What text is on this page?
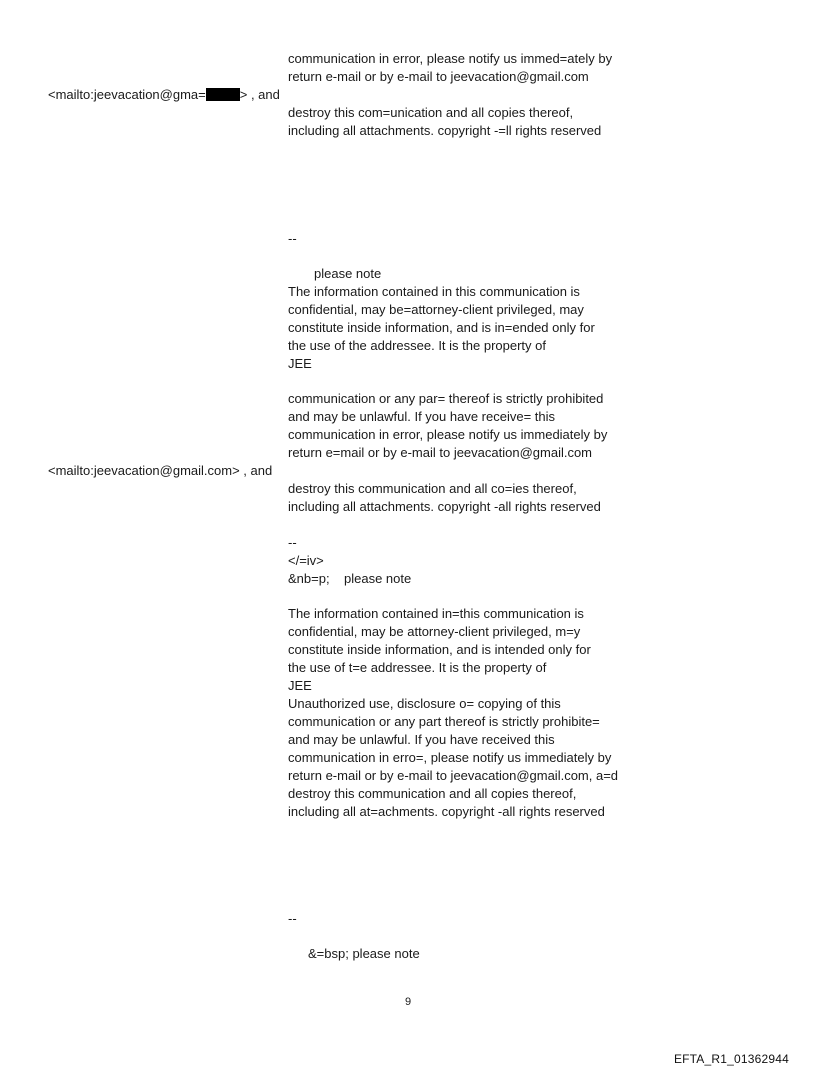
communication in error, please notify us immed=ately by
return e-mail or by e-mail to jeevacation@gmail.com
<mailto:jeevacation@gma=	> , and
destroy this com=unication and all copies thereof,
including all attachments. copyright -=ll rights reserved
--
please note
The information contained in this communication is
confidential, may be=attorney-client privileged, may
constitute inside information, and is in=ended only for
the use of the addressee. It is the property of
JEE
communication or any par= thereof is strictly prohibited
and may be unlawful. If you have receive= this
communication in error, please notify us immediately by
return e=mail or by e-mail to jeevacation@gmail.com
<mailto:jeevacation@gmail.com> , and
destroy this communication and all co=ies thereof,
including all attachments. copyright -all rights reserved
--
</=iv>
&nb=p;    please note
The information contained in=this communication is
confidential, may be attorney-client privileged, m=y
constitute inside information, and is intended only for
the use of t=e addressee. It is the property of
JEE
Unauthorized use, disclosure o= copying of this
communication or any part thereof is strictly prohibite=
and may be unlawful. If you have received this
communication in erro=, please notify us immediately by
return e-mail or by e-mail to jeevacation@gmail.com, a=d
destroy this communication and all copies thereof,
including all at=achments. copyright -all rights reserved
--
&=bsp; please note
9
EFTA_R1_01362944
